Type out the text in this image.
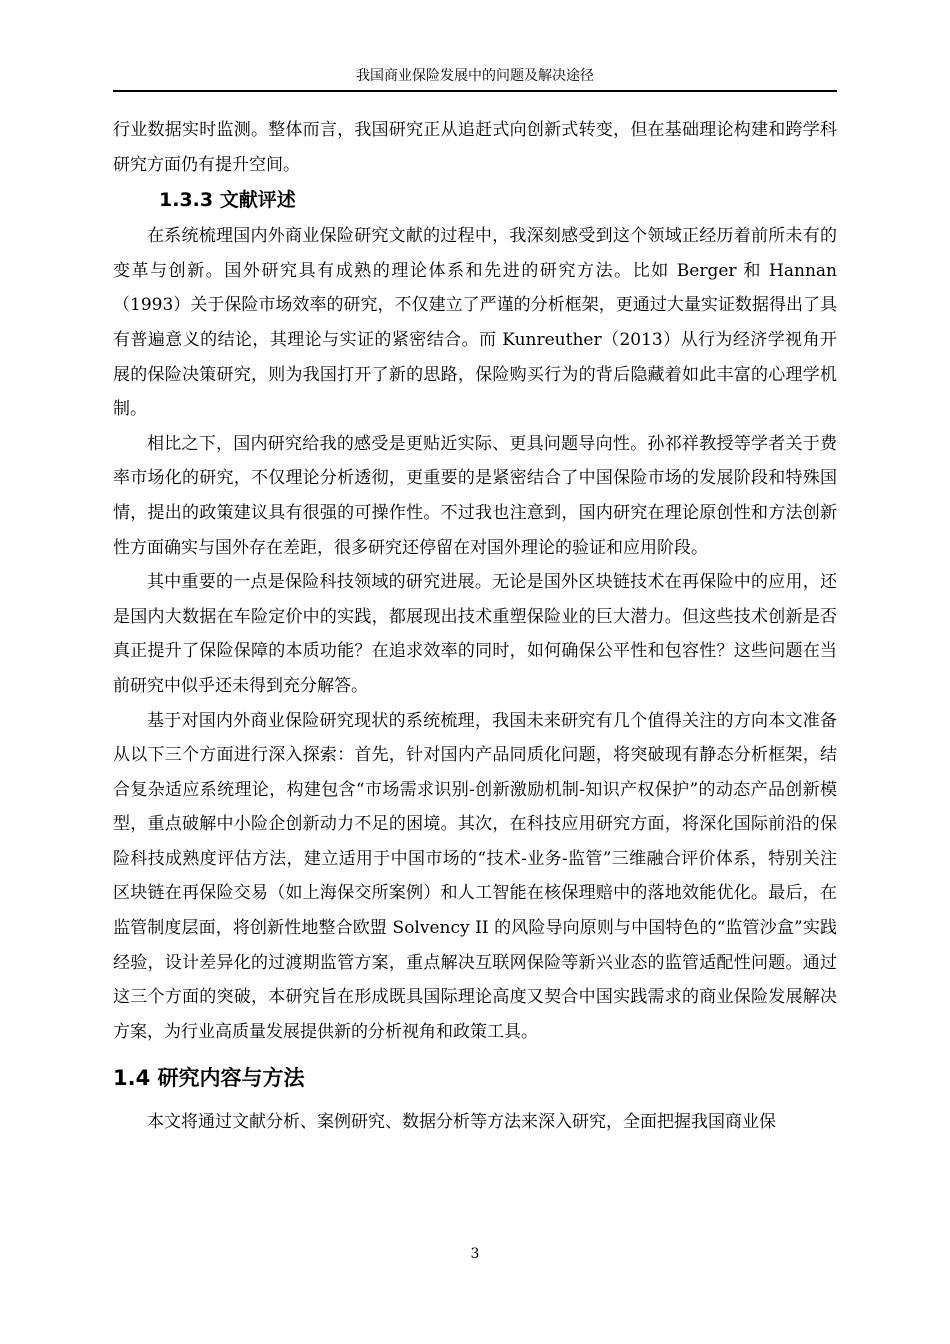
我国商业保险发展中的问题及解决途径

行业数据实时监测。整体而言，我国研究正从追赶式向创新式转变，但在基础理论构建和跨学科研究方面仍有提升空间。

1.3.3 文献评述

在系统梳理国内外商业保险研究文献的过程中，我深刻感受到这个领域正经历着前所未有的变革与创新。国外研究具有成熟的理论体系和先进的研究方法。比如 Berger 和 Hannan（1993）关于保险市场效率的研究，不仅建立了严谨的分析框架，更通过大量实证数据得出了具有普遍意义的结论，其理论与实证的紧密结合。而 Kunreuther（2013）从行为经济学视角开展的保险决策研究，则为我国打开了新的思路，保险购买行为的背后隐藏着如此丰富的心理学机制。

相比之下，国内研究给我的感受是更贴近实际、更具问题导向性。孙祁祥教授等学者关于费率市场化的研究，不仅理论分析透彻，更重要的是紧密结合了中国保险市场的发展阶段和特殊国情，提出的政策建议具有很强的可操作性。不过我也注意到，国内研究在理论原创性和方法创新性方面确实与国外存在差距，很多研究还停留在对国外理论的验证和应用阶段。

其中重要的一点是保险科技领域的研究进展。无论是国外区块链技术在再保险中的应用，还是国内大数据在车险定价中的实践，都展现出技术重塑保险业的巨大潜力。但这些技术创新是否真正提升了保险保障的本质功能？在追求效率的同时，如何确保公平性和包容性？这些问题在当前研究中似乎还未得到充分解答。

基于对国内外商业保险研究现状的系统梳理，我国未来研究有几个值得关注的方向本文准备从以下三个方面进行深入探索：首先，针对国内产品同质化问题，将突破现有静态分析框架，结合复杂适应系统理论，构建包含“市场需求识别-创新激励机制-知识产权保护”的动态产品创新模型，重点破解中小险企创新动力不足的困境。其次，在科技应用研究方面，将深化国际前沿的保险科技成熟度评估方法，建立适用于中国市场的“技术-业务-监管”三维融合评价体系，特别关注区块链在再保险交易（如上海保交所案例）和人工智能在核保理赔中的落地效能优化。最后，在监管制度层面，将创新性地整合欧盟 Solvency II 的风险导向原则与中国特色的“监管沙盒”实践经验，设计差异化的过渡期监管方案，重点解决互联网保险等新兴业态的监管适配性问题。通过这三个方面的突破，本研究旨在形成既具国际理论高度又契合中国实践需求的商业保险发展解决方案，为行业高质量发展提供新的分析视角和政策工具。

1.4 研究内容与方法

本文将通过文献分析、案例研究、数据分析等方法来深入研究，全面把握我国商业保

3
